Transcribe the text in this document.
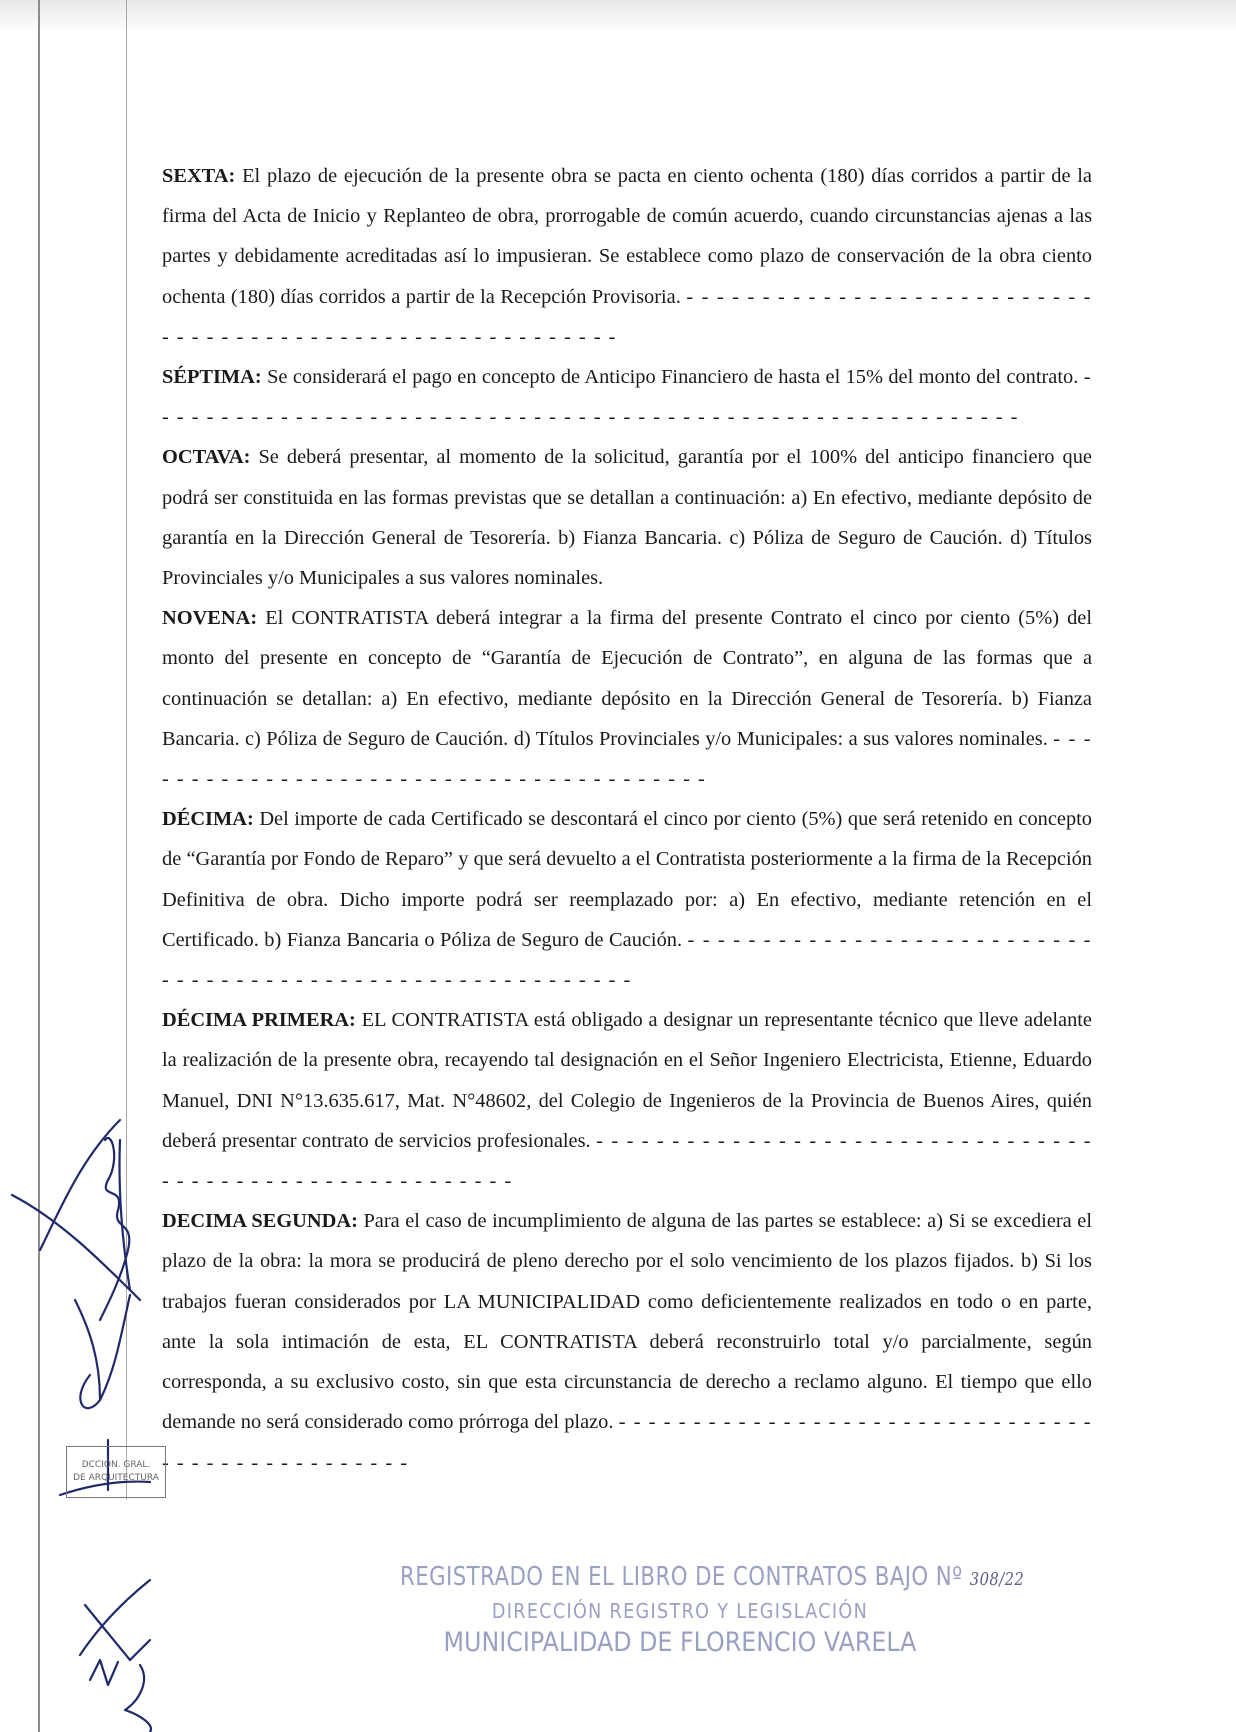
SEXTA: El plazo de ejecución de la presente obra se pacta en ciento ochenta (180) días corridos a partir de la firma del Acta de Inicio y Replanteo de obra, prorrogable de común acuerdo, cuando circunstancias ajenas a las partes y debidamente acreditadas así lo impusieran. Se establece como plazo de conservación de la obra ciento ochenta (180) días corridos a partir de la Recepción Provisoria. - - - - - - - - - - - - - - - - - - - - - - - - - - - - - - - - - - - - - - - - - - - - - - - - - - - - - - - - - -

SÉPTIMA: Se considerará el pago en concepto de Anticipo Financiero de hasta el 15% del monto del contrato. - - - - - - - - - - - - - - - - - - - - - - - - - - - - - - - - - - - - - - - - - - - - - - - - - - - - - - - - - - -

OCTAVA: Se deberá presentar, al momento de la solicitud, garantía por el 100% del anticipo financiero que podrá ser constituida en las formas previstas que se detallan a continuación: a) En efectivo, mediante depósito de garantía en la Dirección General de Tesorería. b) Fianza Bancaria. c) Póliza de Seguro de Caución. d) Títulos Provinciales y/o Municipales a sus valores nominales.

NOVENA: El CONTRATISTA deberá integrar a la firma del presente Contrato el cinco por ciento (5%) del monto del presente en concepto de “Garantía de Ejecución de Contrato”, en alguna de las formas que a continuación se detallan: a) En efectivo, mediante depósito en la Dirección General de Tesorería. b) Fianza Bancaria. c) Póliza de Seguro de Caución. d) Títulos Provinciales y/o Municipales: a sus valores nominales. - - - - - - - - - - - - - - - - - - - - - - - - - - - - - - - - - - - - - - - -

DÉCIMA: Del importe de cada Certificado se descontará el cinco por ciento (5%) que será retenido en concepto de “Garantía por Fondo de Reparo” y que será devuelto a el Contratista posteriormente a la firma de la Recepción Definitiva de obra. Dicho importe podrá ser reemplazado por: a) En efectivo, mediante retención en el Certificado. b) Fianza Bancaria o Póliza de Seguro de Caución. - - - - - - - - - - - - - - - - - - - - - - - - - - - - - - - - - - - - - - - - - - - - - - - - - - - - - - - - - - -

DÉCIMA PRIMERA: EL CONTRATISTA está obligado a designar un representante técnico que lleve adelante la realización de la presente obra, recayendo tal designación en el Señor Ingeniero Electricista, Etienne, Eduardo Manuel, DNI N°13.635.617, Mat. N°48602, del Colegio de Ingenieros de la Provincia de Buenos Aires, quién deberá presentar contrato de servicios profesionales. - - - - - - - - - - - - - - - - - - - - - - - - - - - - - - - - - - - - - - - - - - - - - - - - - - - - - - - - -

DECIMA SEGUNDA: Para el caso de incumplimiento de alguna de las partes se establece: a) Si se excediera el plazo de la obra: la mora se producirá de pleno derecho por el solo vencimiento de los plazos fijados. b) Si los trabajos fueran considerados por LA MUNICIPALIDAD como deficientemente realizados en todo o en parte, ante la sola intimación de esta, EL CONTRATISTA deberá reconstruirlo total y/o parcialmente, según corresponda, a su exclusivo costo, sin que esta circunstancia de derecho a reclamo alguno. El tiempo que ello demande no será considerado como prórroga del plazo. - - - - - - - - - - - - - - - - - - - - - - - - - - - - - - - - - - - - - - - - - - - - - - - - -

DCCIÓN. GRAL.
DE ARQUITECTURA
REGISTRADO EN EL LIBRO DE CONTRATOS BAJO Nº 308/22
DIRECCIÓN REGISTRO Y LEGISLACIÓN
MUNICIPALIDAD DE FLORENCIO VARELA
